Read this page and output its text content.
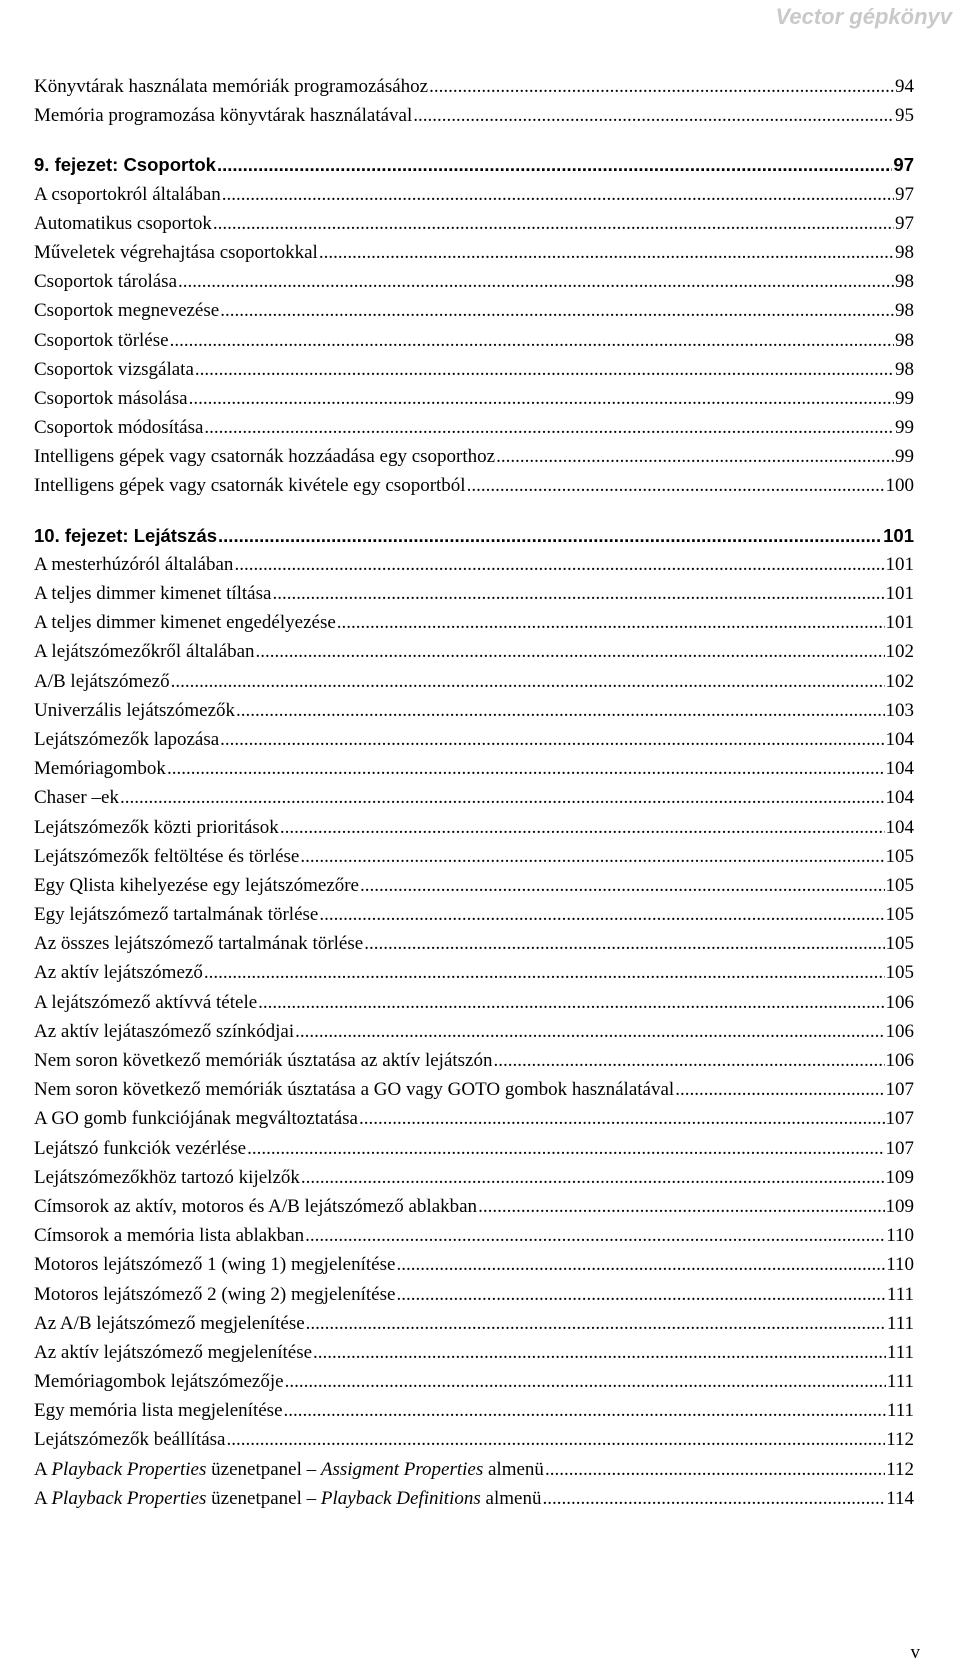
Vector gépkönyv
Könyvtárak használata memóriák programozásához .....	94
Memória programozása könyvtárak használatával .....	95
9. fejezet: Csoportok .....	97
A csoportokról általában .....	97
Automatikus csoportok .....	97
Műveletek végrehajtása csoportokkal .....	98
Csoportok tárolása .....	98
Csoportok megnevezése .....	98
Csoportok törlése .....	98
Csoportok vizsgálata .....	98
Csoportok másolása .....	99
Csoportok módosítása .....	99
Intelligens gépek vagy csatornák hozzáadása egy csoporthoz .....	99
Intelligens gépek vagy csatornák kivétele egy csoportból .....	100
10. fejezet: Lejátszás .....	101
A mesterhúzóról általában .....	101
A teljes dimmer kimenet tíltása .....	101
A teljes dimmer kimenet engedélyezése .....	101
A lejátszómezőkről általában .....	102
A/B lejátszómező .....	102
Univerzális lejátszómezők .....	103
Lejátszómezők lapozása .....	104
Memóriagombok .....	104
Chaser –ek .....	104
Lejátszómezők közti prioritások .....	104
Lejátszómezők feltöltése és törlése .....	105
Egy Qlista kihelyezése egy lejátszómezőre .....	105
Egy lejátszómező tartalmának törlése .....	105
Az összes lejátszómező tartalmának törlése .....	105
Az aktív lejátszómező .....	105
A lejátszómező aktívvá tétele .....	106
Az aktív lejátaszómező színkódjai .....	106
Nem soron következő memóriák úsztatása az aktív lejátszón .....	106
Nem soron következő memóriák úsztatása a GO vagy GOTO gombok használatával .....	107
A GO gomb funkciójának megváltoztatása .....	107
Lejátszó funkciók vezérlése .....	107
Lejátszómezőkhöz tartozó kijelzők .....	109
Címsorok az aktív, motoros és A/B lejátszómező ablakban .....	109
Címsorok a memória lista ablakban .....	110
Motoros lejátszómező 1 (wing 1) megjelenítése .....	110
Motoros lejátszómező 2 (wing 2) megjelenítése .....	111
Az A/B lejátszómező megjelenítése .....	111
Az aktív lejátszómező megjelenítése .....	111
Memóriagombok lejátszómezője .....	111
Egy memória lista megjelenítése .....	111
Lejátszómezők beállítása .....	112
A Playback Properties üzenetpanel – Assigment Properties almenü .....	112
A Playback Properties üzenetpanel – Playback Definitions almenü .....	114
v
